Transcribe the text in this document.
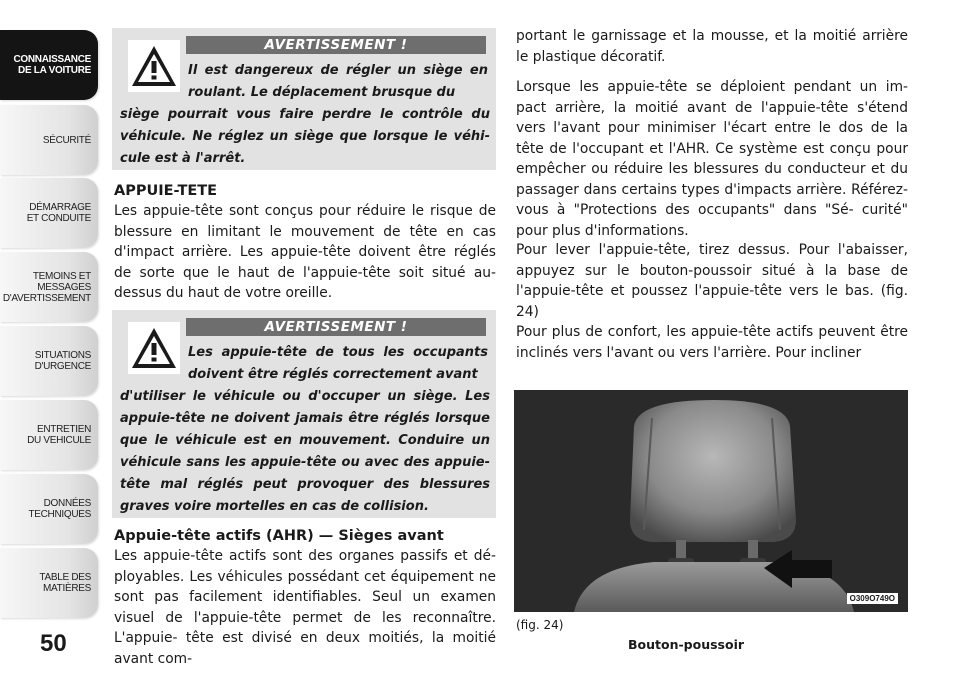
CONNAISSANCE
DE LA VOITURE
SÉCURITÉ
DÉMARRAGE
ET CONDUITE
TEMOINS ET
MESSAGES
D'AVERTISSEMENT
SITUATIONS
D'URGENCE
ENTRETIEN
DU VEHICULE
DONNÉES
TECHNIQUES
TABLE DES
MATIÈRES
50
AVERTISSEMENT !
Il est dangereux de régler un siège en roulant. Le déplacement brusque du
siège pourrait vous faire perdre le contrôle du véhicule. Ne réglez un siège que lorsque le véhi- cule est à l'arrêt.
APPUIE-TETE
Les appuie-tête sont conçus pour réduire le risque de blessure en limitant le mouvement de tête en cas d'impact arrière. Les appuie-tête doivent être réglés de sorte que le haut de l'appuie-tête soit situé au-dessus du haut de votre oreille.
AVERTISSEMENT !
Les appuie-tête de tous les occupants doivent être réglés correctement avant
d'utiliser le véhicule ou d'occuper un siège. Les appuie-tête ne doivent jamais être réglés lorsque que le véhicule est en mouvement. Conduire un véhicule sans les appuie-tête ou avec des appuie- tête mal réglés peut provoquer des blessures graves voire mortelles en cas de collision.
Appuie-tête actifs (AHR) — Sièges avant
Les appuie-tête actifs sont des organes passifs et dé- ployables. Les véhicules possédant cet équipement ne sont pas facilement identifiables. Seul un examen visuel de l'appuie-tête permet de les reconnaître. L'appuie- tête est divisé en deux moitiés, la moitié avant com-
portant le garnissage et la mousse, et la moitié arrière le plastique décoratif.
Lorsque les appuie-tête se déploient pendant un im- pact arrière, la moitié avant de l'appuie-tête s'étend vers l'avant pour minimiser l'écart entre le dos de la tête de l'occupant et l'AHR. Ce système est conçu pour empêcher ou réduire les blessures du conducteur et du passager dans certains types d'impacts arrière. Référez-vous à "Protections des occupants" dans "Sé- curité" pour plus d'informations.
Pour lever l'appuie-tête, tirez dessus. Pour l'abaisser, appuyez sur le bouton-poussoir situé à la base de l'appuie-tête et poussez l'appuie-tête vers le bas. (fig. 24)
Pour plus de confort, les appuie-tête actifs peuvent être inclinés vers l'avant ou vers l'arrière. Pour incliner
O309O749O
(fig. 24)
Bouton-poussoir
